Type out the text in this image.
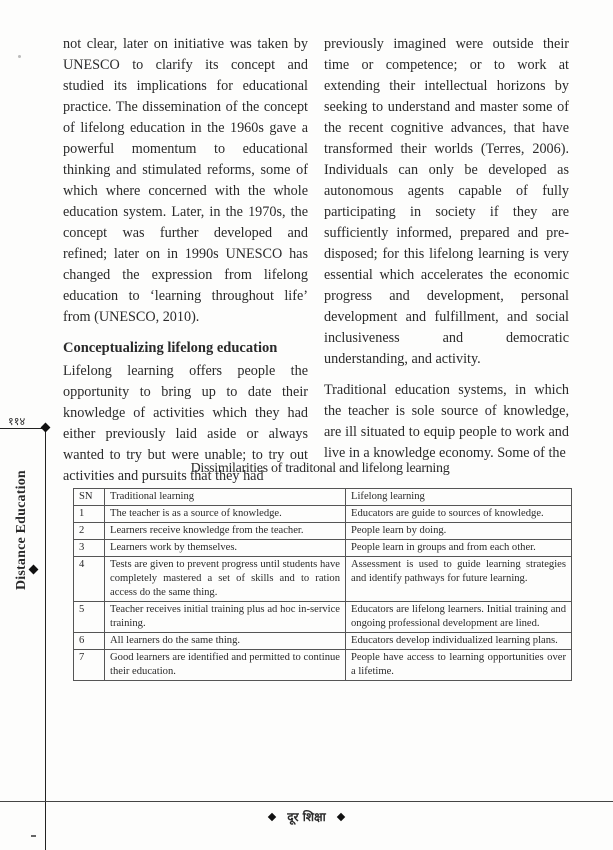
not clear, later on initiative was taken by UNESCO to clarify its concept and studied its implications for educational practice. The dissemination of the concept of lifelong education in the 1960s gave a powerful momentum to educational thinking and stimulated reforms, some of which where concerned with the whole education system. Later, in the 1970s, the concept was further developed and refined; later on in 1990s UNESCO has changed the expression from lifelong education to ‘learning throughout life’ from (UNESCO, 2010).

Conceptualizing lifelong education

Lifelong learning offers people the opportunity to bring up to date their knowledge of activities which they had either previously laid aside or always wanted to try but were unable; to try out activities and pursuits that they had

previously imagined were outside their time or competence; or to work at extending their intellectual horizons by seeking to understand and master some of the recent cognitive advances, that have transformed their worlds (Terres, 2006). Individuals can only be developed as autonomous agents capable of fully participating in society if they are sufficiently informed, prepared and pre-disposed; for this lifelong learning is very essential which accelerates the economic progress and development, personal development and fulfillment, and social inclusiveness and democratic understanding, and activity.

Traditional education systems, in which the teacher is sole source of knowledge, are ill situated to equip people to work and live in a knowledge economy. Some of the

११४
Distance Education
Dissimilarities of traditonal and lifelong learning
SN	Traditional learning	Lifelong learning
1	The teacher is as a source of knowledge.	Educators are guide to sources of knowledge.
2	Learners receive knowledge from the teacher.	People learn by doing.
3	Learners work by themselves.	People learn in groups and from each other.
4	Tests are given to prevent progress until students have completely mastered a set of skills and to ration access do the same thing.	Assessment is used to guide learning strategies and identify pathways for future learning.
5	Teacher receives initial training plus ad hoc in-service training.	Educators are lifelong learners. Initial training and ongoing professional development are lined.
6	All learners do the same thing.	Educators develop individualized learning plans.
7	Good learners are identified and permitted to continue their education.	People have access to learning opportunities over a lifetime.
दूर शिक्षा
